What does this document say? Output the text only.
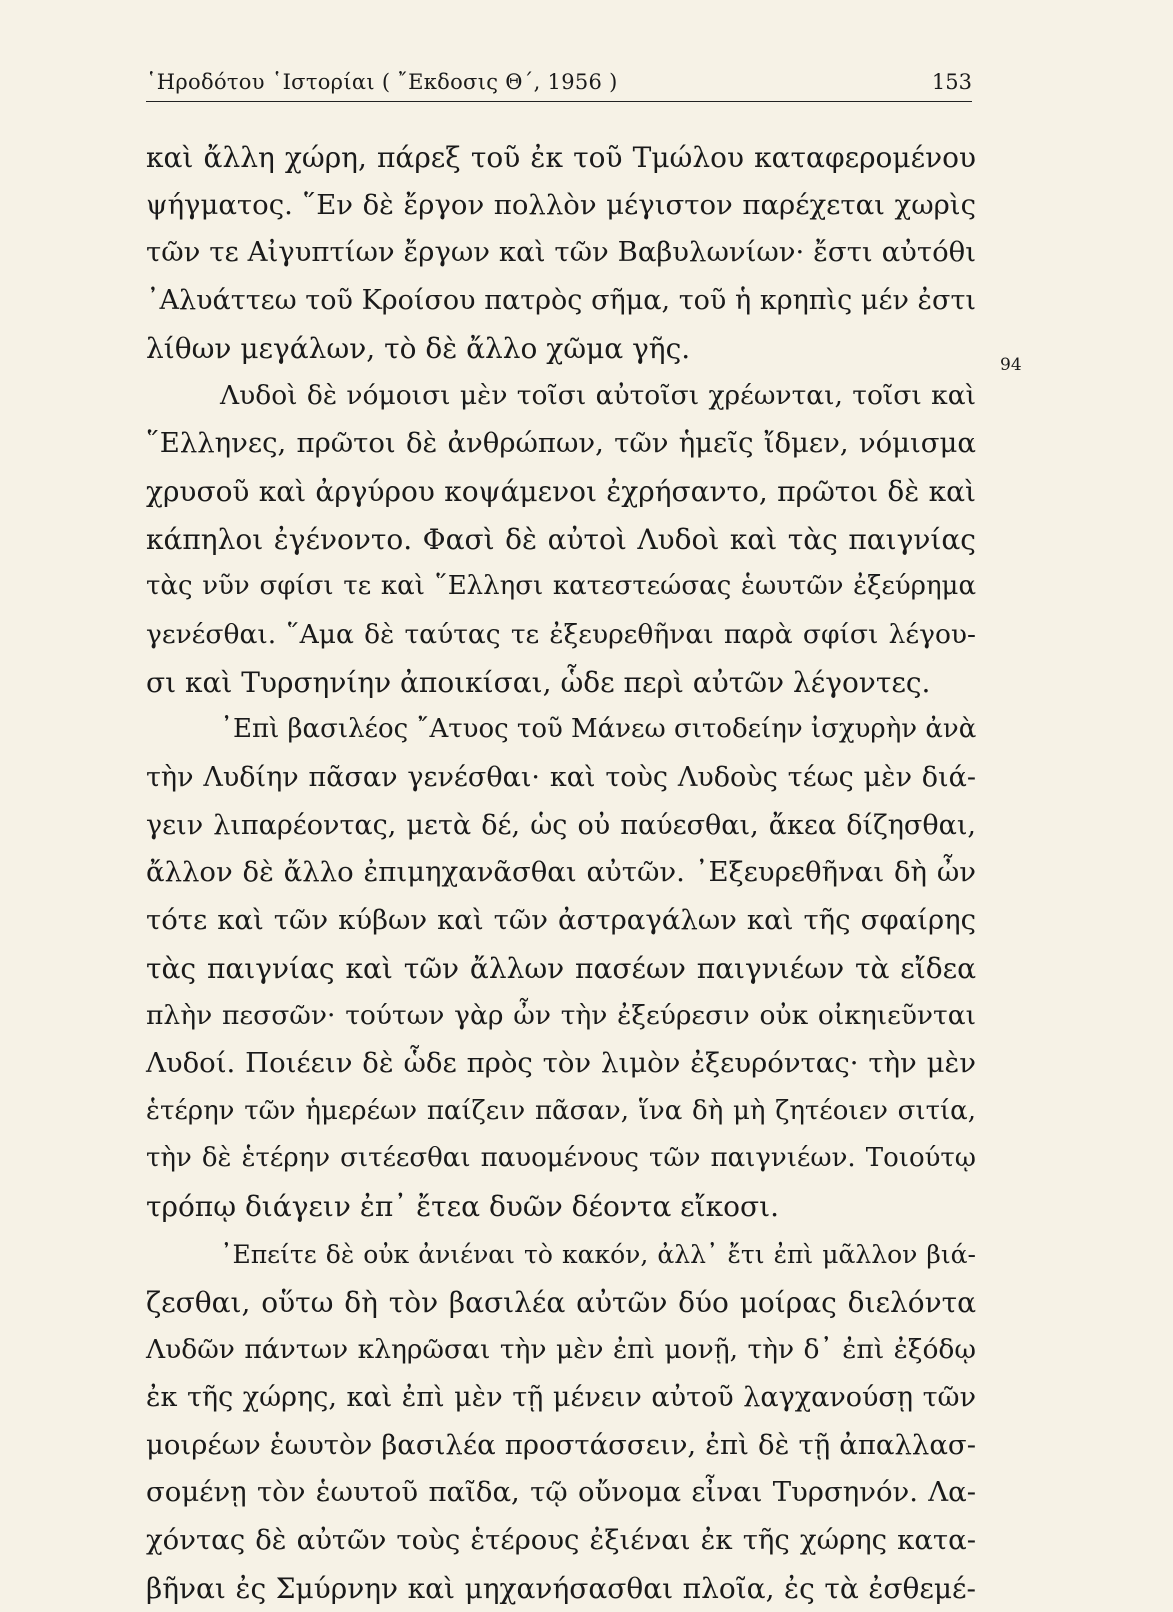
῾Ηροδότου ῾Ιστορίαι ( ῎Εκδοσις Θ΄, 1956 )	153
94
καὶ ἄλλη χώρη, πάρεξ τοῦ ἐκ τοῦ Τμώλου καταφερομένου
ψήγματος. ῞Εν δὲ ἔργον πολλὸν μέγιστον παρέχεται χωρὶς
τῶν τε Αἰγυπτίων ἔργων καὶ τῶν Βαβυλωνίων· ἔστι αὐτόθι
᾿Αλυάττεω τοῦ Κροίσου πατρὸς σῆμα, τοῦ ἡ κρηπὶς μέν ἐστι
λίθων μεγάλων, τὸ δὲ ἄλλο χῶμα γῆς.
Λυδοὶ δὲ νόμοισι μὲν τοῖσι αὐτοῖσι χρέωνται, τοῖσι καὶ
῞Ελληνες, πρῶτοι δὲ ἀνθρώπων, τῶν ἡμεῖς ἴδμεν, νόμισμα
χρυσοῦ καὶ ἀργύρου κοψάμενοι ἐχρήσαντο, πρῶτοι δὲ καὶ
κάπηλοι ἐγένοντο. Φασὶ δὲ αὐτοὶ Λυδοὶ καὶ τὰς παιγνίας
τὰς νῦν σφίσι τε καὶ ῞Ελλησι κατεστεώσας ἑωυτῶν ἐξεύρημα
γενέσθαι. ῞Αμα δὲ ταύτας τε ἐξευρεθῆναι παρὰ σφίσι λέγου-
σι καὶ Τυρσηνίην ἀποικίσαι, ὧδε περὶ αὐτῶν λέγοντες.
᾿Επὶ βασιλέος ῎Ατυος τοῦ Μάνεω σιτοδείην ἰσχυρὴν ἀνὰ
τὴν Λυδίην πᾶσαν γενέσθαι· καὶ τοὺς Λυδοὺς τέως μὲν διά-
γειν λιπαρέοντας, μετὰ δέ, ὡς οὐ παύεσθαι, ἄκεα δίζησθαι,
ἄλλον δὲ ἄλλο ἐπιμηχανᾶσθαι αὐτῶν. ᾿Εξευρεθῆναι δὴ ὦν
τότε καὶ τῶν κύβων καὶ τῶν ἀστραγάλων καὶ τῆς σφαίρης
τὰς παιγνίας καὶ τῶν ἄλλων πασέων παιγνιέων τὰ εἴδεα
πλὴν πεσσῶν· τούτων γὰρ ὦν τὴν ἐξεύρεσιν οὐκ οἰκηιεῦνται
Λυδοί. Ποιέειν δὲ ὧδε πρὸς τὸν λιμὸν ἐξευρόντας· τὴν μὲν
ἑτέρην τῶν ἡμερέων παίζειν πᾶσαν, ἵνα δὴ μὴ ζητέοιεν σιτία,
τὴν δὲ ἑτέρην σιτέεσθαι παυομένους τῶν παιγνιέων. Τοιούτῳ
τρόπῳ διάγειν ἐπ᾿ ἔτεα δυῶν δέοντα εἴκοσι.
᾿Επείτε δὲ οὐκ ἀνιέναι τὸ κακόν, ἀλλ᾿ ἔτι ἐπὶ μᾶλλον βιά-
ζεσθαι, οὕτω δὴ τὸν βασιλέα αὐτῶν δύο μοίρας διελόντα
Λυδῶν πάντων κληρῶσαι τὴν μὲν ἐπὶ μονῇ, τὴν δ᾿ ἐπὶ ἐξόδῳ
ἐκ τῆς χώρης, καὶ ἐπὶ μὲν τῇ μένειν αὐτοῦ λαγχανούσῃ τῶν
μοιρέων ἑωυτὸν βασιλέα προστάσσειν, ἐπὶ δὲ τῇ ἀπαλλασ-
σομένῃ τὸν ἑωυτοῦ παῖδα, τῷ οὔνομα εἶναι Τυρσηνόν. Λα-
χόντας δὲ αὐτῶν τοὺς ἑτέρους ἐξιέναι ἐκ τῆς χώρης κατα-
βῆναι ἐς Σμύρνην καὶ μηχανήσασθαι πλοῖα, ἐς τὰ ἐσθεμέ-
